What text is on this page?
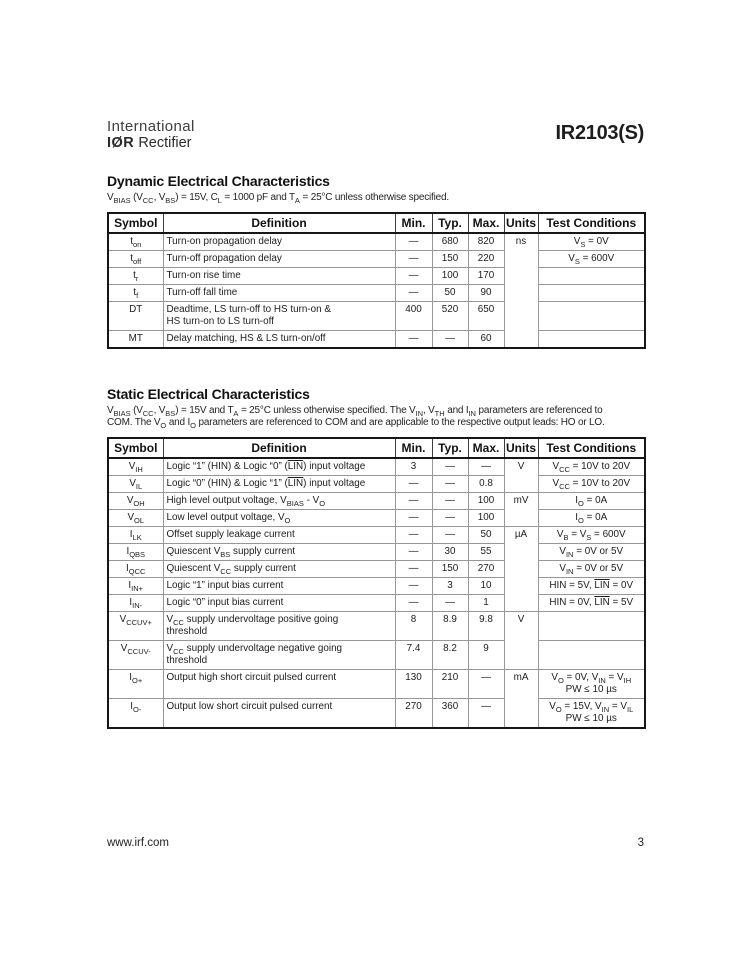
International
IØR Rectifier	IR2103(S)
Dynamic Electrical Characteristics
$V_{BIAS}$ ($V_{CC}$, $V_{BS}) = 15V$, $C_L = 1000$ pF and $T_A = 25^\circ C$ unless otherwise specified.
Symbol	Definition	Min.	Typ.	Max.	Units	Test Conditions
$t_{on}$	Turn-on propagation delay	—	680	820	ns	$V_S = 0V$
$t_{off}$	Turn-off propagation delay	—	150	220		$V_S = 600V$
$t_r$	Turn-on rise time	—	100	170		
$t_f$	Turn-off fall time	—	50	90		
DT	Deadtime, LS turn-off to HS turn-on &
HS turn-on to LS turn-off	400	520	650		
MT	Delay matching, HS & LS turn-on/off	—	—	60		
Static Electrical Characteristics
$V_{BIAS}$ ($V_{CC}$, $V_{BS}) = 15V$ and $T_A = 25^\circ C$ unless otherwise specified. The $V_{IN}$, $V_{TH}$ and $I_{IN}$ parameters are referenced to
COM. The $V_O$ and $I_O$ parameters are referenced to COM and are applicable to the respective output leads: HO or LO.
Symbol	Definition	Min.	Typ.	Max.	Units	Test Conditions
$V_{IH}$	Logic “1” (HIN) & Logic “0” $(\overline{LIN})$ input voltage	3	—	—	V	$V_{CC} = 10V$ to 20V
$V_{IL}$	Logic “0” (HIN) & Logic “1” $(\overline{LIN})$ input voltage	—	—	0.8		$V_{CC} = 10V$ to 20V
$V_{OH}$	High level output voltage, $V_{BIAS} - V_O$	—	—	100	mV	$I_O = 0A$
$V_{OL}$	Low level output voltage, $V_O$	—	—	100		$I_O = 0A$
$I_{LK}$	Offset supply leakage current	—	—	50	µA	$V_B = V_S = 600V$
$I_{QBS}$	Quiescent $V_{BS}$ supply current	—	30	55		$V_{IN} = 0V$ or 5V
$I_{QCC}$	Quiescent $V_{CC}$ supply current	—	150	270		$V_{IN} = 0V$ or 5V
$I_{IN+}$	Logic “1” input bias current	—	3	10		HIN = 5V, $\overline{LIN} = 0V$
$I_{IN-}$	Logic “0” input bias current	—	—	1		HIN = 0V, $\overline{LIN} = 5V$
$V_{CCUV+}$	$V_{CC}$ supply undervoltage positive going
threshold	8	8.9	9.8	V	
$V_{CCUV-}$	$V_{CC}$ supply undervoltage negative going
threshold	7.4	8.2	9		
$I_{O+}$	Output high short circuit pulsed current	130	210	—	mA	$V_O = 0V$, $V_{IN} = V_{IH}$
PW ≤ 10 µs
$I_{O-}$	Output low short circuit pulsed current	270	360	—		$V_O = 15V$, $V_{IN} = V_{IL}$
PW ≤ 10 µs
www.irf.com	3
